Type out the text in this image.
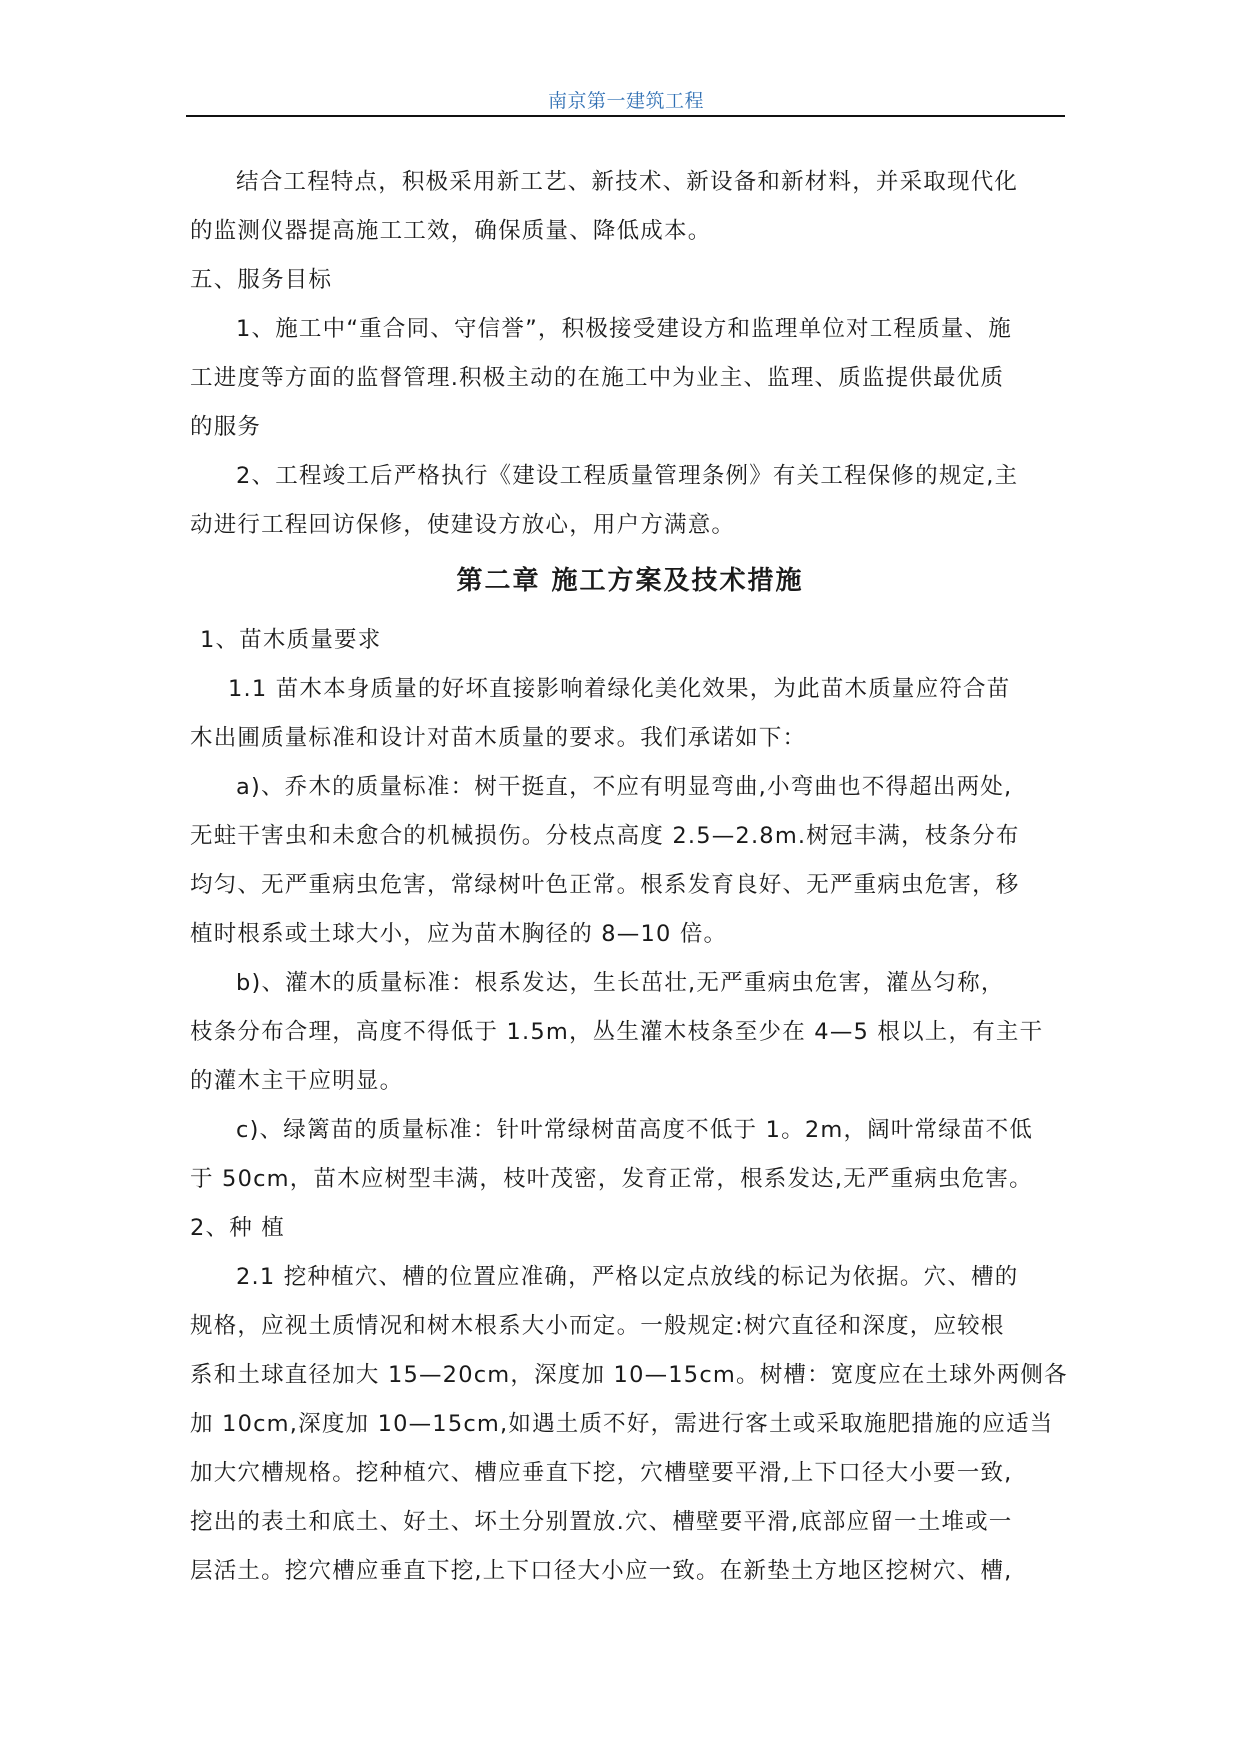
南京第一建筑工程
结合工程特点，积极采用新工艺、新技术、新设备和新材料，并采取现代化
的监测仪器提高施工工效，确保质量、降低成本。
五、服务目标
1、施工中“重合同、守信誉”，积极接受建设方和监理单位对工程质量、施
工进度等方面的监督管理.积极主动的在施工中为业主、监理、质监提供最优质
的服务
2、工程竣工后严格执行《建设工程质量管理条例》有关工程保修的规定,主
动进行工程回访保修，使建设方放心，用户方满意。
第二章 施工方案及技术措施
1、苗木质量要求
1.1 苗木本身质量的好坏直接影响着绿化美化效果，为此苗木质量应符合苗
木出圃质量标准和设计对苗木质量的要求。我们承诺如下：
a)、乔木的质量标准：树干挺直，不应有明显弯曲,小弯曲也不得超出两处,
无蛀干害虫和未愈合的机械损伤。分枝点高度 2.5—2.8m.树冠丰满，枝条分布
均匀、无严重病虫危害，常绿树叶色正常。根系发育良好、无严重病虫危害，移
植时根系或土球大小，应为苗木胸径的 8—10 倍。
b)、灌木的质量标准：根系发达，生长茁壮,无严重病虫危害，灌丛匀称，
枝条分布合理，高度不得低于 1.5m，丛生灌木枝条至少在 4—5 根以上，有主干
的灌木主干应明显。
c)、绿篱苗的质量标准：针叶常绿树苗高度不低于 1。2m，阔叶常绿苗不低
于 50cm，苗木应树型丰满，枝叶茂密，发育正常，根系发达,无严重病虫危害。
2、种 植
2.1 挖种植穴、槽的位置应准确，严格以定点放线的标记为依据。穴、槽的
规格，应视土质情况和树木根系大小而定。一般规定:树穴直径和深度，应较根
系和土球直径加大 15—20cm，深度加 10—15cm。树槽：宽度应在土球外两侧各
加 10cm,深度加 10—15cm,如遇土质不好，需进行客土或采取施肥措施的应适当
加大穴槽规格。挖种植穴、槽应垂直下挖，穴槽壁要平滑,上下口径大小要一致,
挖出的表土和底土、好土、坏土分别置放.穴、槽壁要平滑,底部应留一土堆或一
层活土。挖穴槽应垂直下挖,上下口径大小应一致。在新垫土方地区挖树穴、槽,
